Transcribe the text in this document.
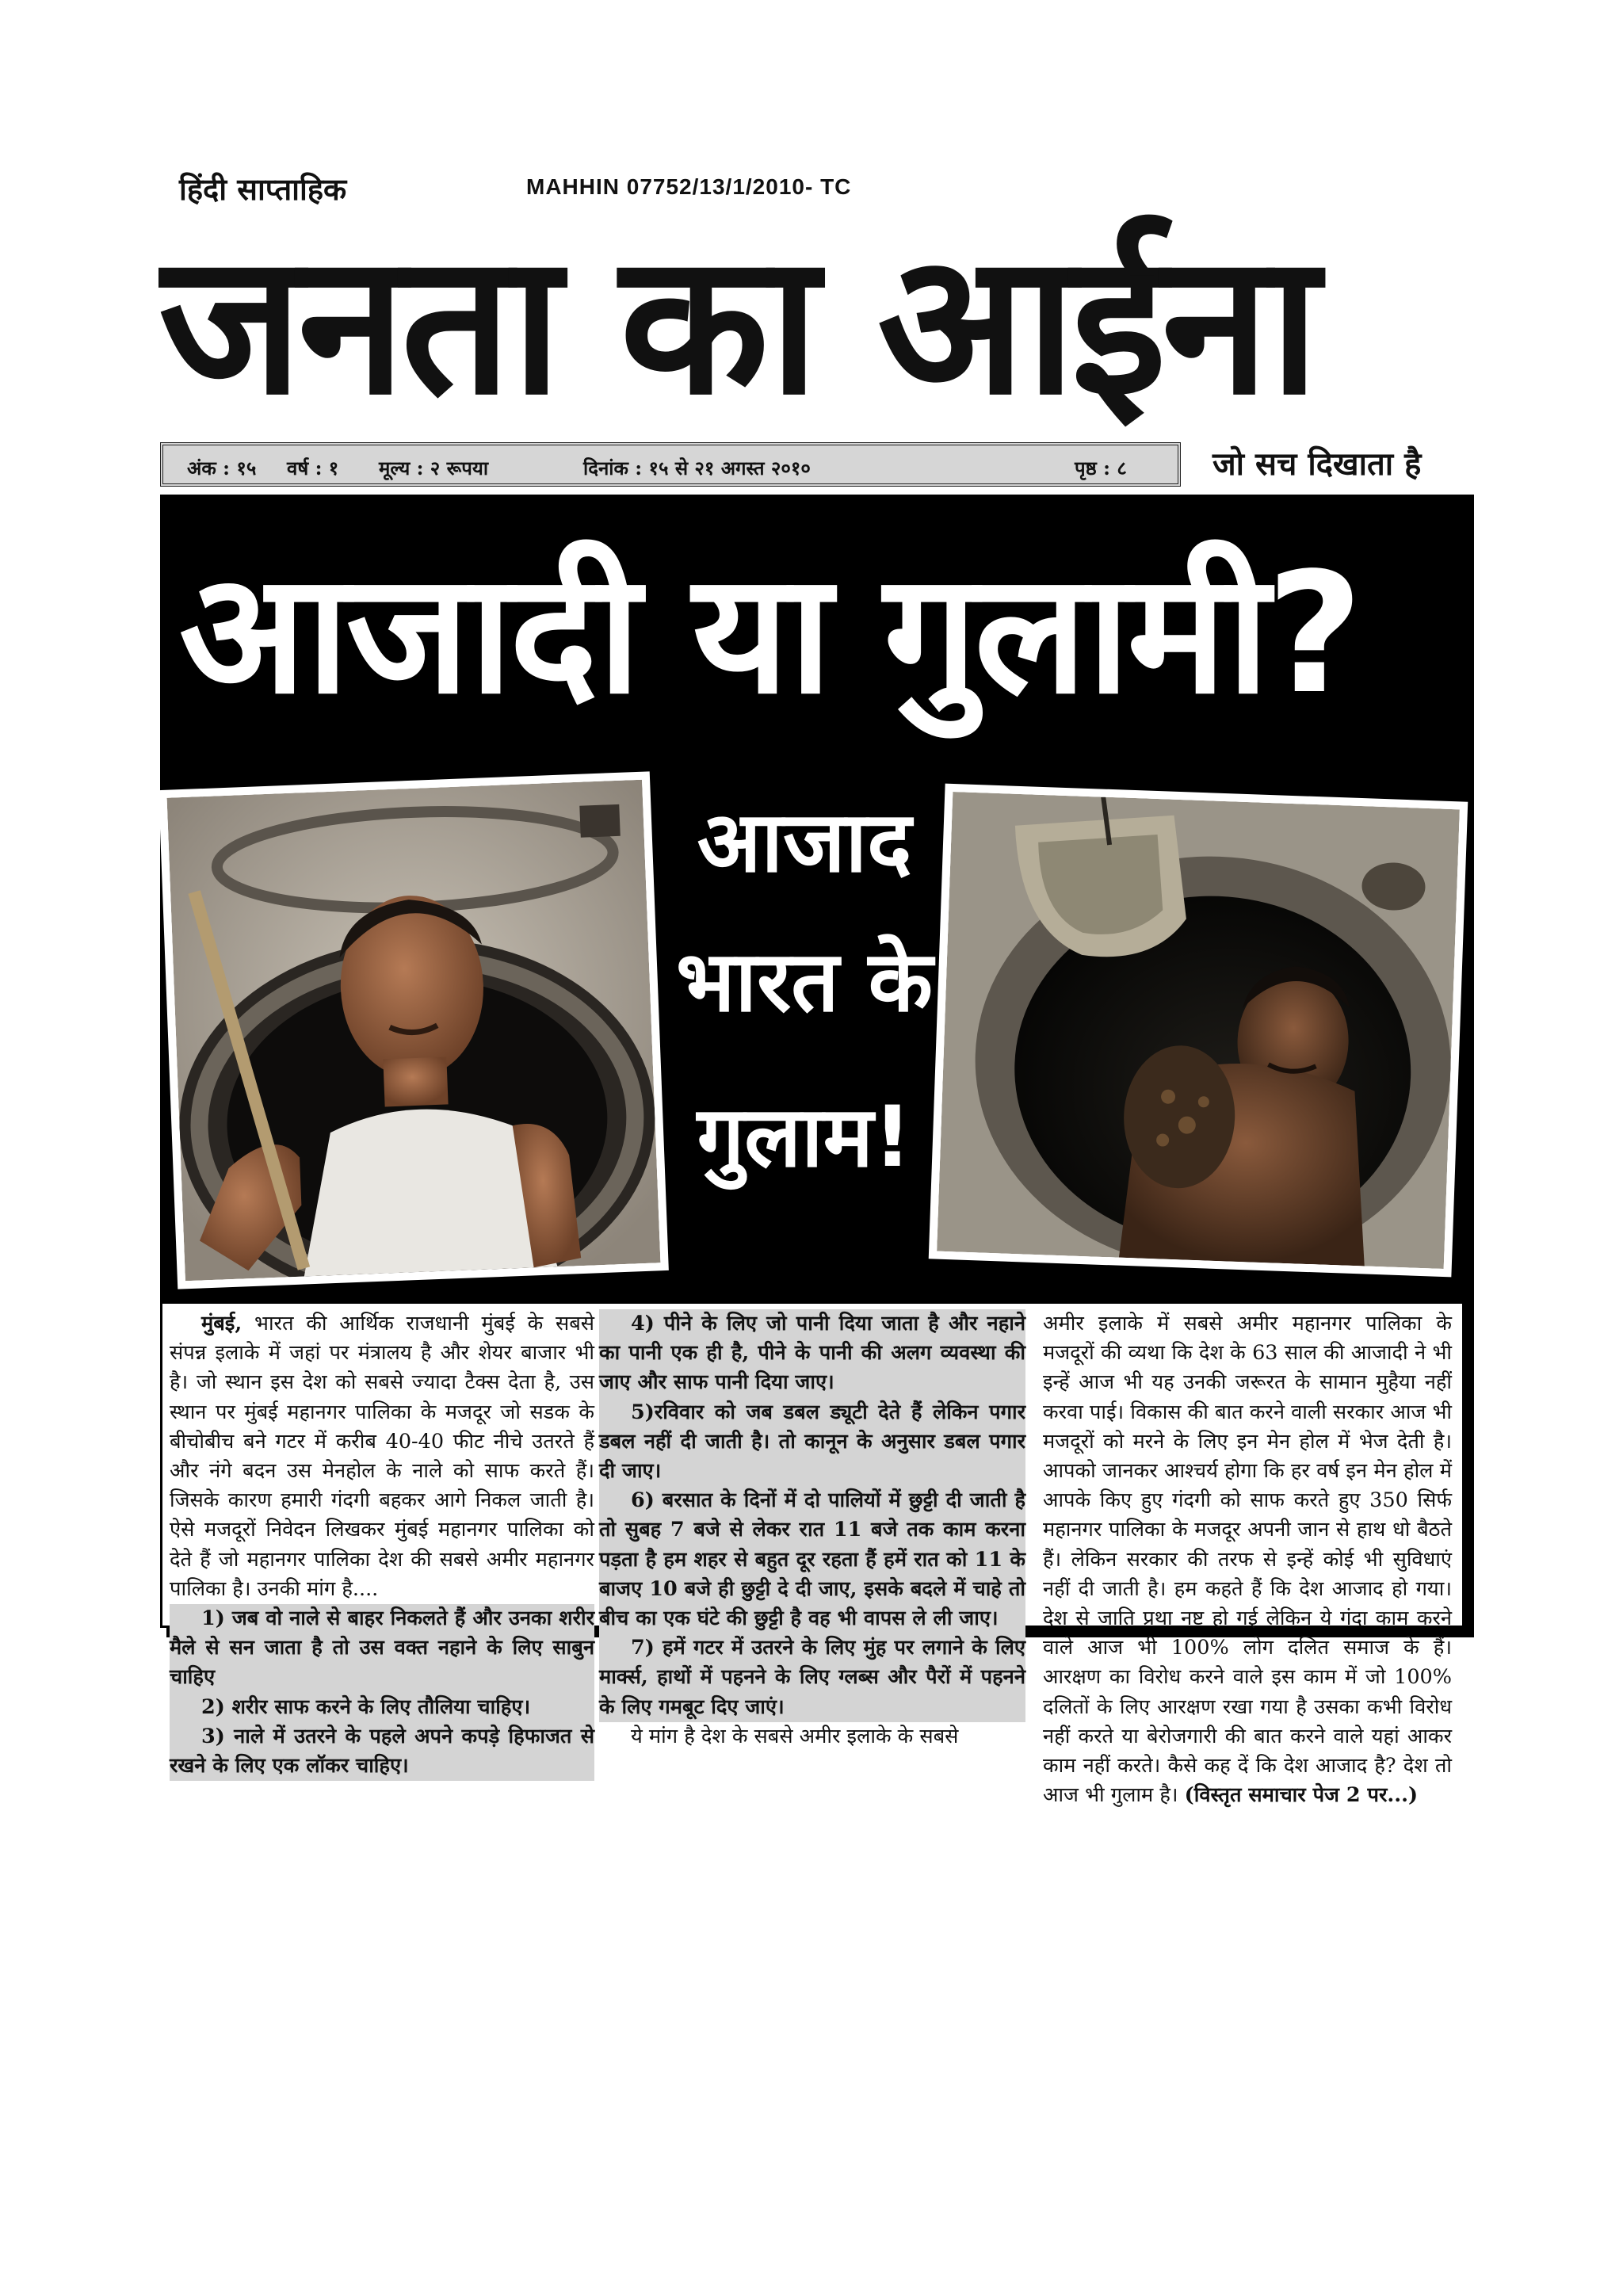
हिंदी साप्ताहिक	MAHHIN 07752/13/1/2010- TC
जनता का आईना
अंक : १५ वर्ष : १ मूल्य : २ रूपया	दिनांक : १५ से २१ अगस्त २०१०	पृष्ठ : ८	जो सच दिखाता है
आजादी या गुलामी?
आजाद
भारत के
गुलाम!

मुंबई, भारत की आर्थिक राजधानी मुंबई के सबसे संपन्न इलाके में जहां पर मंत्रालय है और शेयर बाजार भी है। जो स्थान इस देश को सबसे ज्यादा टैक्स देता है, उस स्थान पर मुंबई महानगर पालिका के मजदूर जो सडक के बीचोबीच बने गटर में करीब 40-40 फीट नीचे उतरते हैं और नंगे बदन उस मेनहोल के नाले को साफ करते हैं। जिसके कारण हमारी गंदगी बहकर आगे निकल जाती है। ऐसे मजदूरों निवेदन लिखकर मुंबई महानगर पालिका को देते हैं जो महानगर पालिका देश की सबसे अमीर महानगर पालिका है। उनकी मांग है....

1) जब वो नाले से बाहर निकलते हैं और उनका शरीर मैले से सन जाता है तो उस वक्त नहाने के लिए साबुन चाहिए

2) शरीर साफ करने के लिए तौलिया चाहिए।

3) नाले में उतरने के पहले अपने कपड़े हिफाजत से रखने के लिए एक लॉकर चाहिए।

4) पीने के लिए जो पानी दिया जाता है और नहाने का पानी एक ही है, पीने के पानी की अलग व्यवस्था की जाए और साफ पानी दिया जाए।

5)रविवार को जब डबल ड्यूटी देते हैं लेकिन पगार डबल नहीं दी जाती है। तो कानून के अनुसार डबल पगार दी जाए।

6) बरसात के दिनों में दो पालियों में छुट्टी दी जाती है तो सुबह 7 बजे से लेकर रात 11 बजे तक काम करना पड़ता है हम शहर से बहुत दूर रहता हैं हमें रात को 11 के बाजए 10 बजे ही छुट्टी दे दी जाए, इसके बदले में चाहे तो बीच का एक घंटे की छुट्टी है वह भी वापस ले ली जाए।

7) हमें गटर में उतरने के लिए मुंह पर लगाने के लिए मार्क्स, हाथों में पहनने के लिए ग्लब्स और पैरों में पहनने के लिए गमबूट दिए जाएं।

ये मांग है देश के सबसे अमीर इलाके के सबसे

अमीर इलाके में सबसे अमीर महानगर पालिका के मजदूरों की व्यथा कि देश के 63 साल की आजादी ने भी इन्हें आज भी यह उनकी जरूरत के सामान मुहैया नहीं करवा पाई। विकास की बात करने वाली सरकार आज भी मजदूरों को मरने के लिए इन मेन होल में भेज देती है। आपको जानकर आश्चर्य होगा कि हर वर्ष इन मेन होल में आपके किए हुए गंदगी को साफ करते हुए 350 सिर्फ महानगर पालिका के मजदूर अपनी जान से हाथ धो बैठते हैं। लेकिन सरकार की तरफ से इन्हें कोई भी सुविधाएं नहीं दी जाती है। हम कहते हैं कि देश आजाद हो गया। देश से जाति प्रथा नष्ट हो गई लेकिन ये गंदा काम करने वाले आज भी 100% लोग दलित समाज के हैं। आरक्षण का विरोध करने वाले इस काम में जो 100% दलितों के लिए आरक्षण रखा गया है उसका कभी विरोध नहीं करते या बेरोजगारी की बात करने वाले यहां आकर काम नहीं करते। कैसे कह दें कि देश आजाद है? देश तो आज भी गुलाम है। (विस्तृत समाचार पेज 2 पर...)
